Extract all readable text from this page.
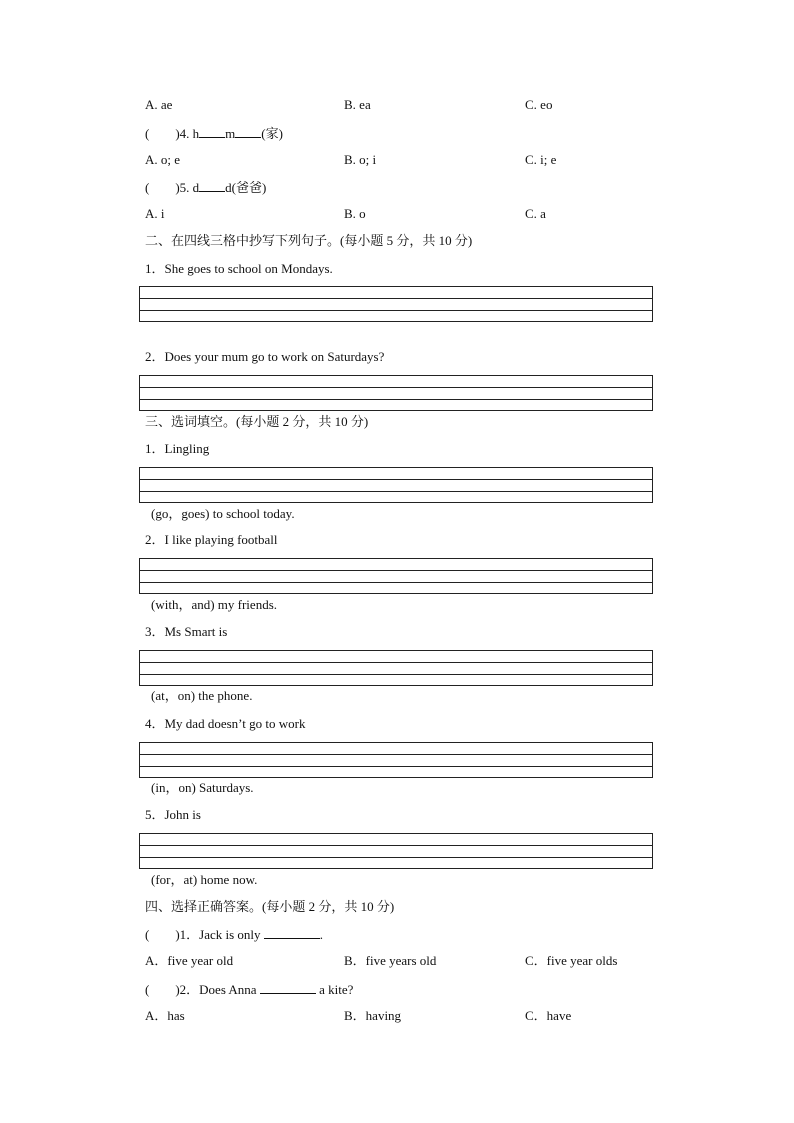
A. ae	B. ea	C. eo
(　　)4. h m (家)
A. o; e	B. o; i	C. i; e
(　　)5. d d(爸爸)
A. i	B. o	C. a
二、在四线三格中抄写下列句子。(每小题 5 分，共 10 分)
1．She goes to school on Mondays.
2．Does your mum go to work on Saturdays?
三、选词填空。(每小题 2 分，共 10 分)
1．Lingling
(go，goes) to school today.
2．I like playing football
(with，and) my friends.
3．Ms Smart is
(at，on) the phone.
4．My dad doesn’t go to work
(in，on) Saturdays.
5．John is
(for，at) home now.
四、选择正确答案。(每小题 2 分，共 10 分)
(　　)1．Jack is only	.
A．five year old	B．five years old	C．five year olds
(　　)2．Does Anna	a kite?
A．has	B．having	C．have
